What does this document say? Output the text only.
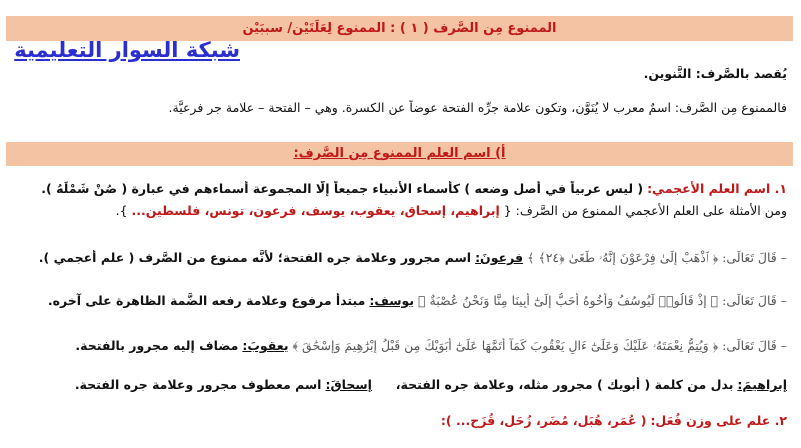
الممنوع مِن الصَّرف ( ١ ) : الممنوع لِعَلَتَيْن/ سببَيْن
شبكة السوار التعليمية
يُقصد بالصَّرف: التَّنوين.
فالممنوع مِن الصَّرف: اسمٌ معرب لا يُنَوَّن، وتكون علامة جرِّه الفتحة عوضاً عن الكسرة. وهي – الفتحة – علامة جر فرعيَّة.
أ) اسم العلم الممنوع مِن الصَّرف:
١. اسم العلم الأعجمي: ( ليس عربياً في أصل وضعه ) كأسماء الأنبياء جميعاً إلَّا المجموعة أسماءهم في عبارة ( صُنْ شَمْلَهُ ).
ومن الأمثلة على العلم الأعجمي الممنوع من الصَّرف: { إبراهيم، إسحاق، يعقوب، يوسف، فرعون، تونس، فلسطين... }.
– قَالَ تَعَالَى: ﴿ ٱذْهَبْ إِلَىٰ فِرْعَوْنَ إِنَّهُۥ طَغَىٰ ﴿٢٤﴾ ﴾ فرعونَ: اسم مجرور وعلامة جره الفتحة؛ لأنَّه ممنوع من الصَّرف ( علم أعجمي ).
– قَالَ تَعَالَى: ﴿ إِذْ قَالُوا۟ لَيُوسُفُ وَأَخُوهُ أَحَبُّ إِلَىٰٓ أَبِينَا مِنَّا وَنَحْنُ عُصْبَةٌ ﴾ يوسف: مبتدأ مرفوع وعلامة رفعه الضَّمة الظاهرة على آخره.
– قَالَ تَعَالَى: ﴿ وَيُتِمُّ نِعْمَتَهُۥ عَلَيْكَ وَعَلَىٰٓ ءَالِ يَعْقُوبَ كَمَآ أَتَمَّهَا عَلَىٰٓ أَبَوَيْكَ مِن قَبْلُ إِبْرَٰهِيمَ وَإِسْحَٰقَ ﴾ يعقوبَ: مضاف إليه مجرور بالفتحة.
إبراهيمَ: بدل من كلمة ( أبويك ) مجرور مثله، وعلامة جره الفتحة،      إسحاقَ: اسم معطوف مجرور وعلامة جره الفتحة.
٢. علم على وزن فُعَل: ( عُمَر، هُبَل، مُضَر، زُحَل، قُزَح... ):
